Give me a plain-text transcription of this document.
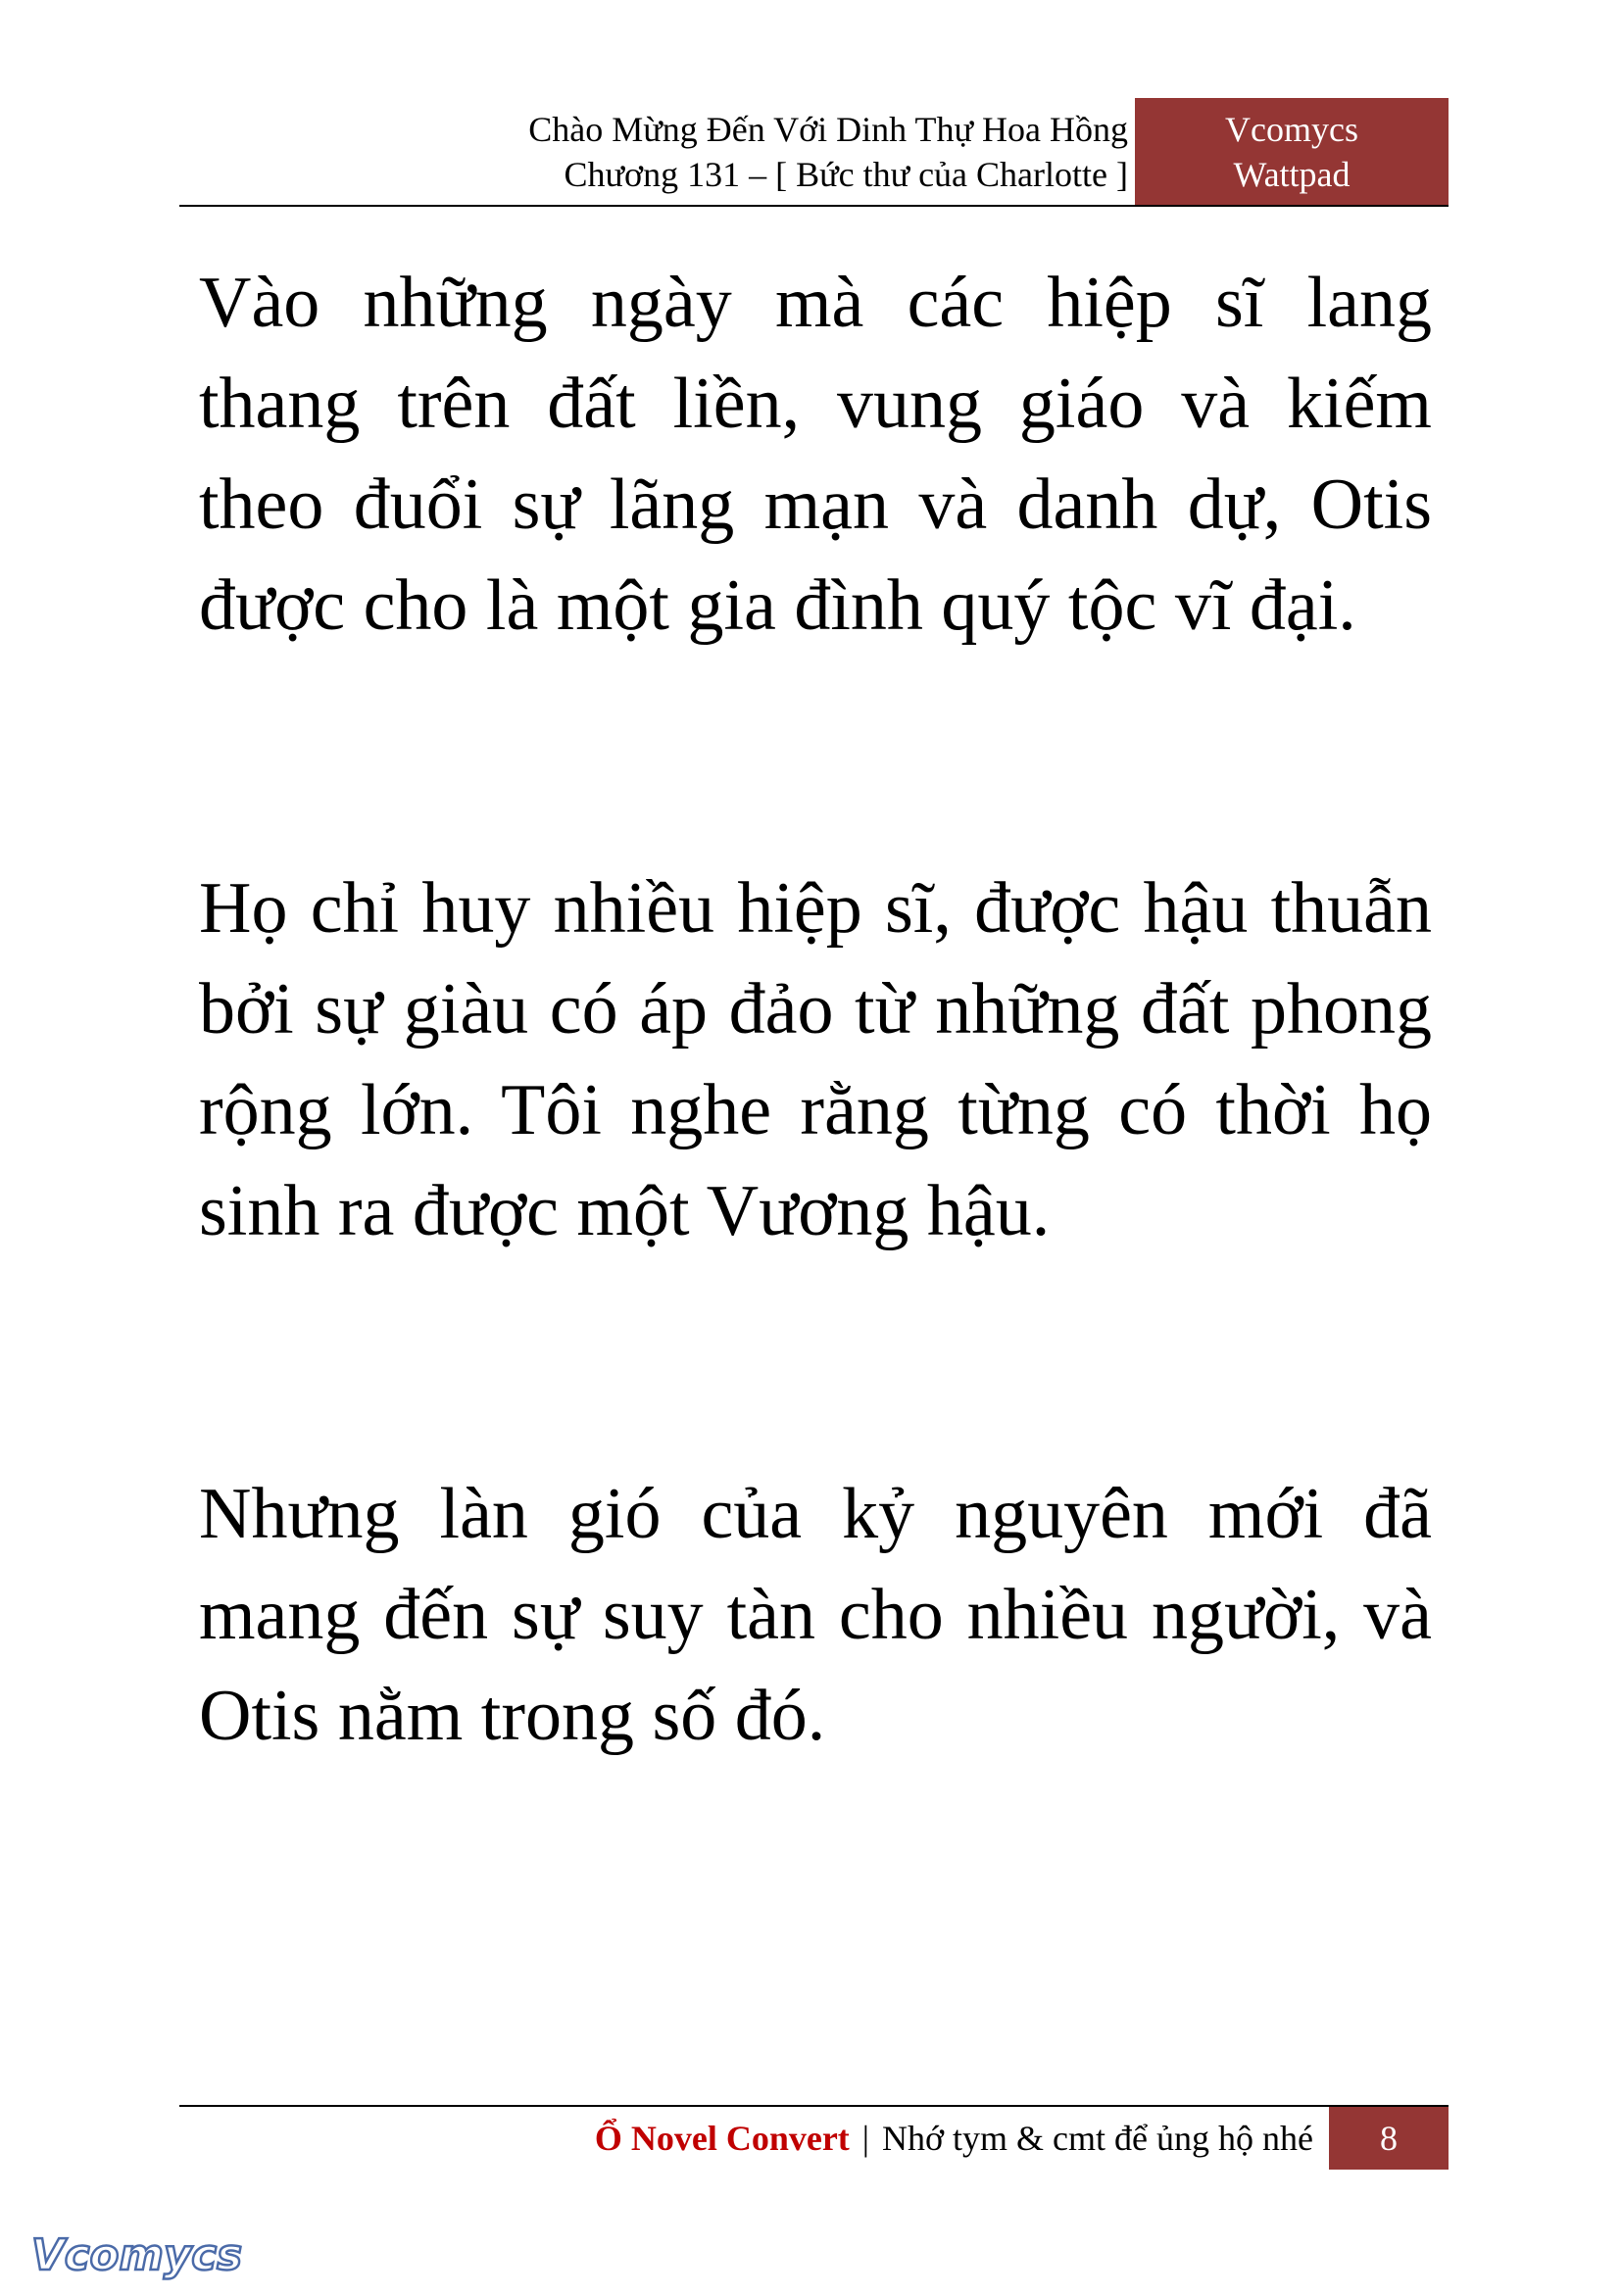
Chào Mừng Đến Với Dinh Thự Hoa Hồng
Chương 131 – [ Bức thư của Charlotte ]
Vcomycs
Wattpad

Vào những ngày mà các hiệp sĩ lang thang trên đất liền, vung giáo và kiếm theo đuổi sự lãng mạn và danh dự, Otis được cho là một gia đình quý tộc vĩ đại.

Họ chỉ huy nhiều hiệp sĩ, được hậu thuẫn bởi sự giàu có áp đảo từ những đất phong rộng lớn. Tôi nghe rằng từng có thời họ sinh ra được một Vương hậu.

Nhưng làn gió của kỷ nguyên mới đã mang đến sự suy tàn cho nhiều người, và Otis nằm trong số đó.

Ổ Novel Convert | Nhớ tym & cmt để ủng hộ nhé	8
Vcomycs
